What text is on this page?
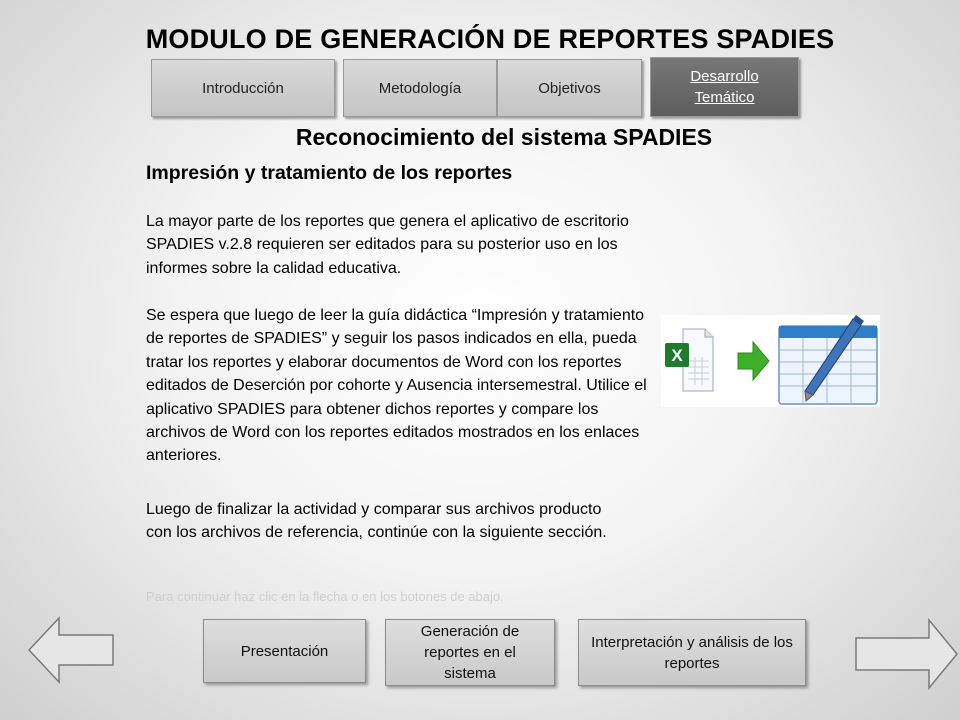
MODULO DE GENERACIÓN DE REPORTES SPADIES
Introducción	Metodología	Objetivos
Desarrollo Temático
Reconocimiento del sistema SPADIES
Impresión y tratamiento de los reportes

La mayor parte de los reportes que genera el aplicativo de escritorio SPADIES v.2.8 requieren ser editados para su posterior uso en los informes sobre la calidad educativa.

Se espera que luego de leer la guía didáctica “Impresión y tratamiento de reportes de SPADIES” y seguir los pasos indicados en ella, pueda tratar los reportes y elaborar documentos de Word con los reportes editados de Deserción por cohorte y Ausencia intersemestral. Utilice el aplicativo SPADIES para obtener dichos reportes y compare los archivos de Word con los reportes editados mostrados en los enlaces anteriores.

Luego de finalizar la actividad y comparar sus archivos producto con los archivos de referencia, continúe con la siguiente sección.

Para continuar haz clic en la flecha o en los botones de abajo.
X
Presentación
Generación de reportes en el sistema
Interpretación y análisis de los reportes
